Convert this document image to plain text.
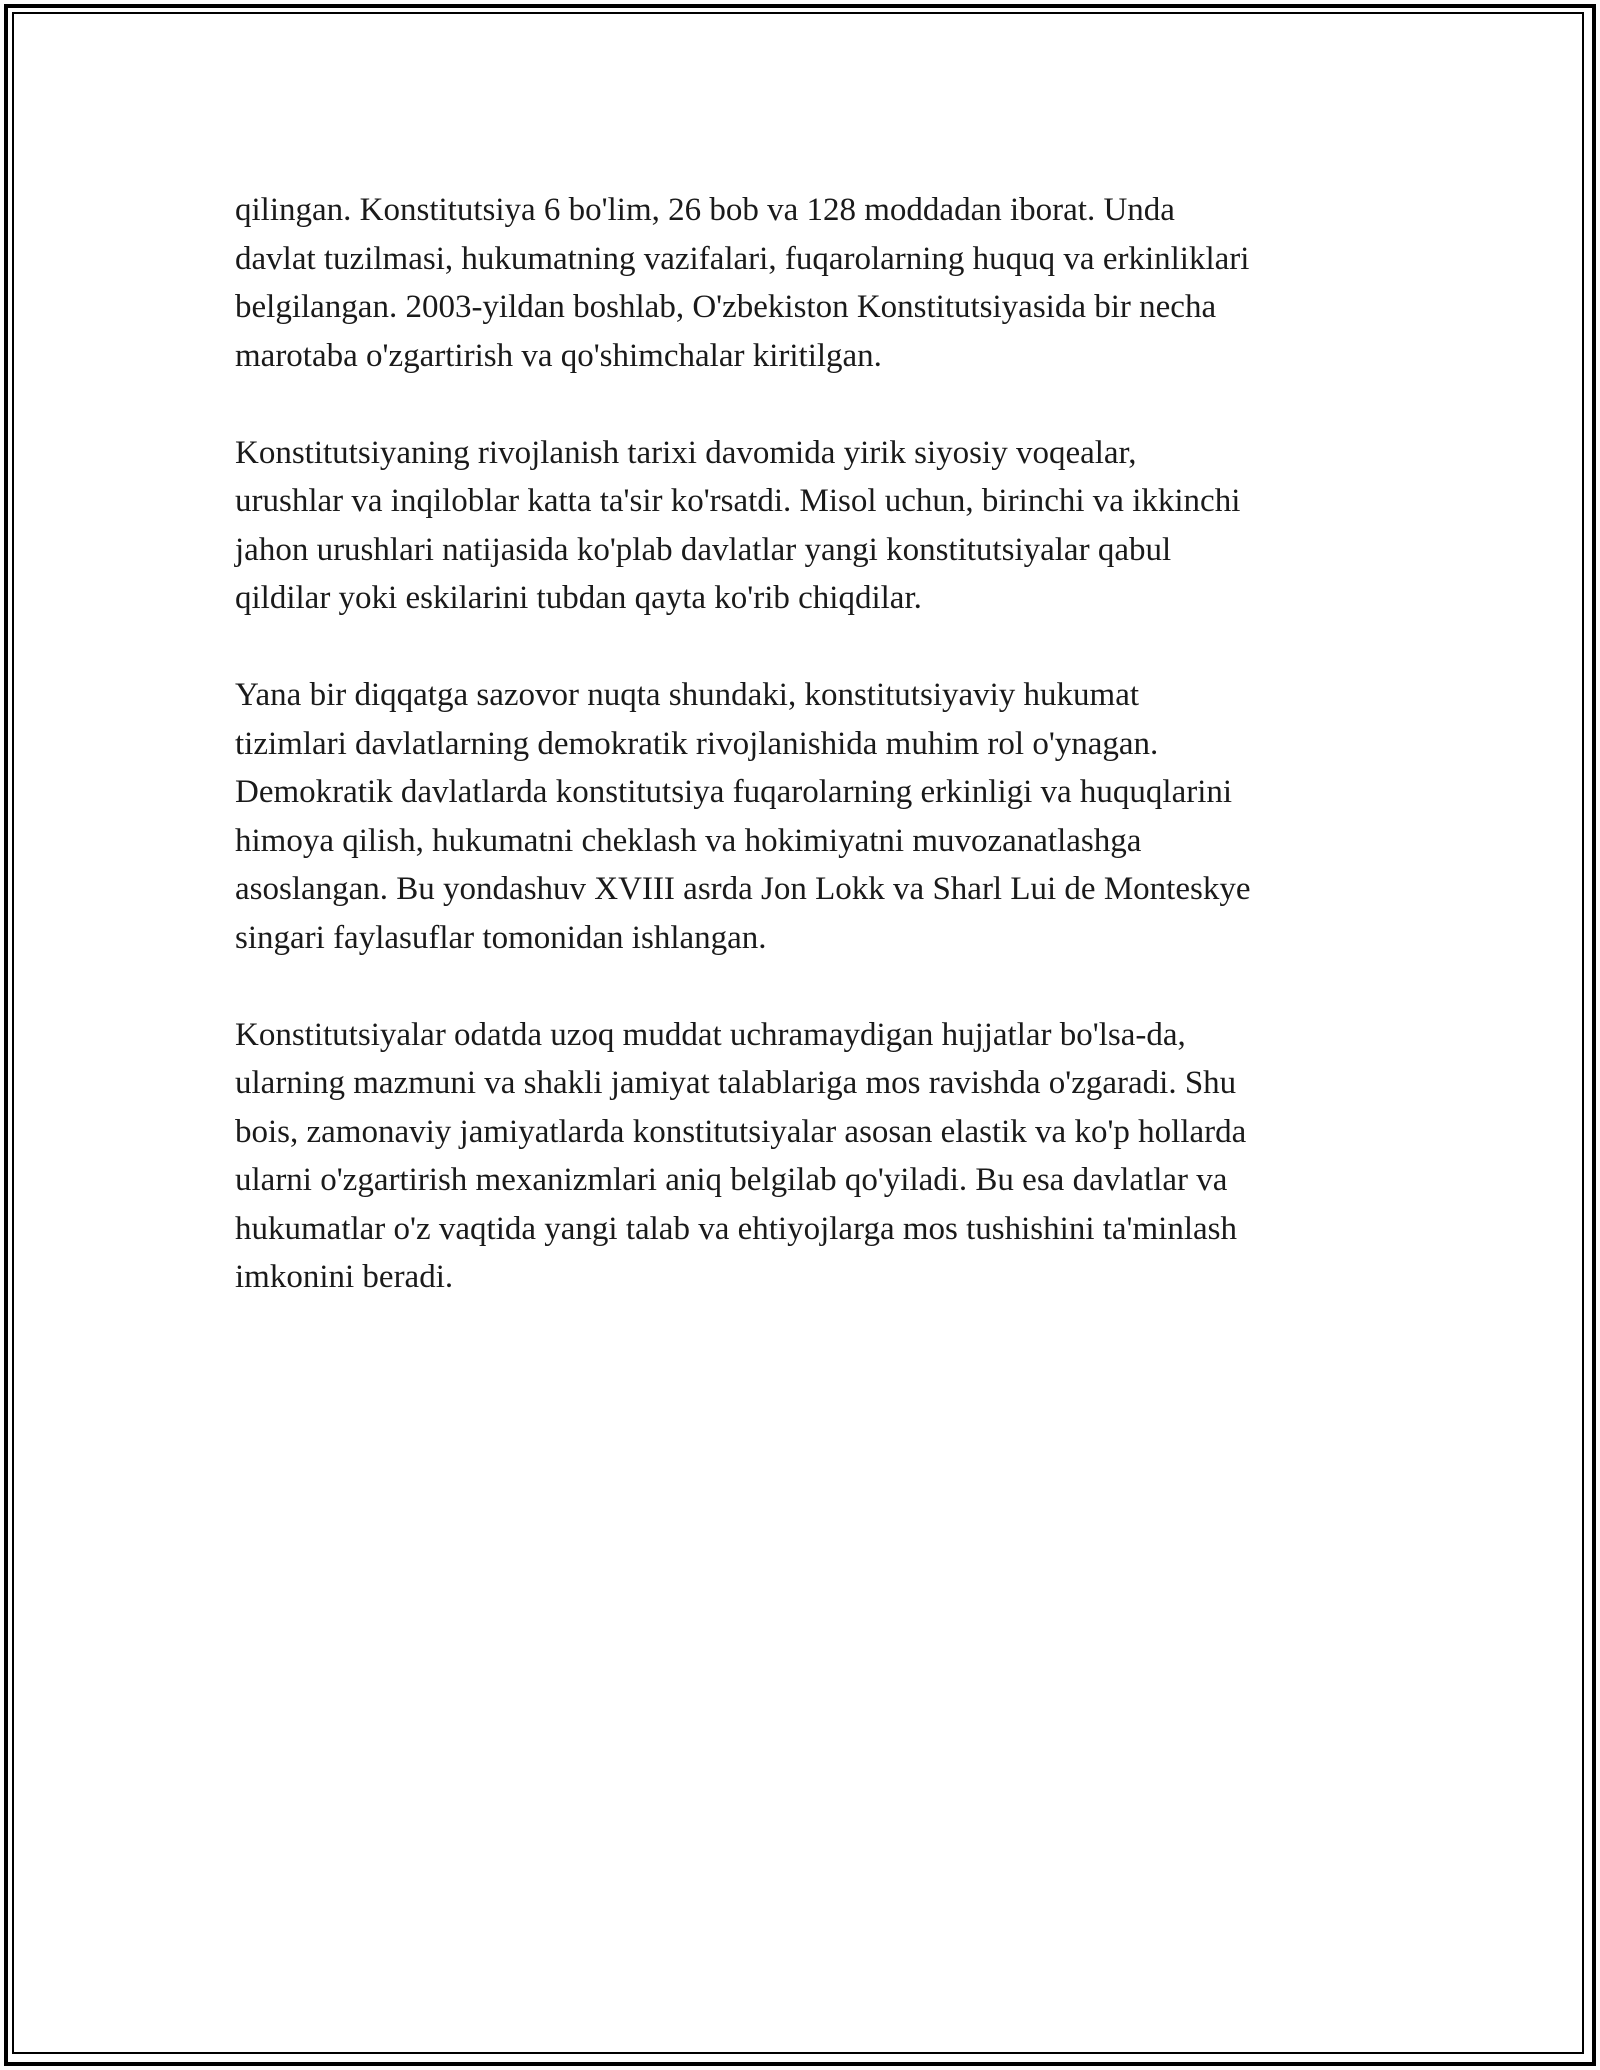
qilingan. Konstitutsiya 6 bo'lim, 26 bob va 128 moddadan iborat. Unda
davlat tuzilmasi, hukumatning vazifalari, fuqarolarning huquq va erkinliklari
belgilangan. 2003-yildan boshlab, O'zbekiston Konstitutsiyasida bir necha
marotaba o'zgartirish va qo'shimchalar kiritilgan.

Konstitutsiyaning rivojlanish tarixi davomida yirik siyosiy voqealar,
urushlar va inqiloblar katta ta'sir ko'rsatdi. Misol uchun, birinchi va ikkinchi
jahon urushlari natijasida ko'plab davlatlar yangi konstitutsiyalar qabul
qildilar yoki eskilarini tubdan qayta ko'rib chiqdilar.

Yana bir diqqatga sazovor nuqta shundaki, konstitutsiyaviy hukumat
tizimlari davlatlarning demokratik rivojlanishida muhim rol o'ynagan.
Demokratik davlatlarda konstitutsiya fuqarolarning erkinligi va huquqlarini
himoya qilish, hukumatni cheklash va hokimiyatni muvozanatlashga
asoslangan. Bu yondashuv XVIII asrda Jon Lokk va Sharl Lui de Monteskye
singari faylasuflar tomonidan ishlangan.

Konstitutsiyalar odatda uzoq muddat uchramaydigan hujjatlar bo'lsa-da,
ularning mazmuni va shakli jamiyat talablariga mos ravishda o'zgaradi. Shu
bois, zamonaviy jamiyatlarda konstitutsiyalar asosan elastik va ko'p hollarda
ularni o'zgartirish mexanizmlari aniq belgilab qo'yiladi. Bu esa davlatlar va
hukumatlar o'z vaqtida yangi talab va ehtiyojlarga mos tushishini ta'minlash
imkonini beradi.
